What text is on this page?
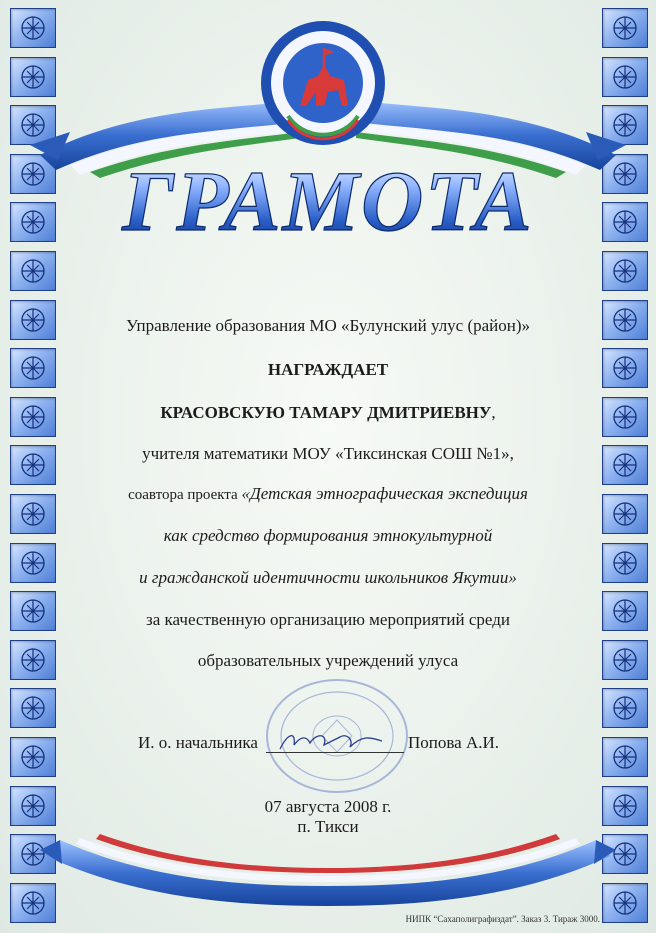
ГРАМОТА
Управление образования МО «Булунский улус (район)»
НАГРАЖДАЕТ
КРАСОВСКУЮ ТАМАРУ ДМИТРИЕВНУ,
учителя математики МОУ «Тиксинская СОШ №1»,
соавтора проекта «Детская этнографическая экспедиция
как средство формирования этнокультурной
и гражданской идентичности школьников Якутии»
за качественную организацию мероприятий среди
образовательных учреждений улуса
И. о. начальника	Попова А.И.
07 августа 2008 г.
п. Тикси
НИПК “Сахаполиграфиздат”. Заказ 3. Тираж 3000.
